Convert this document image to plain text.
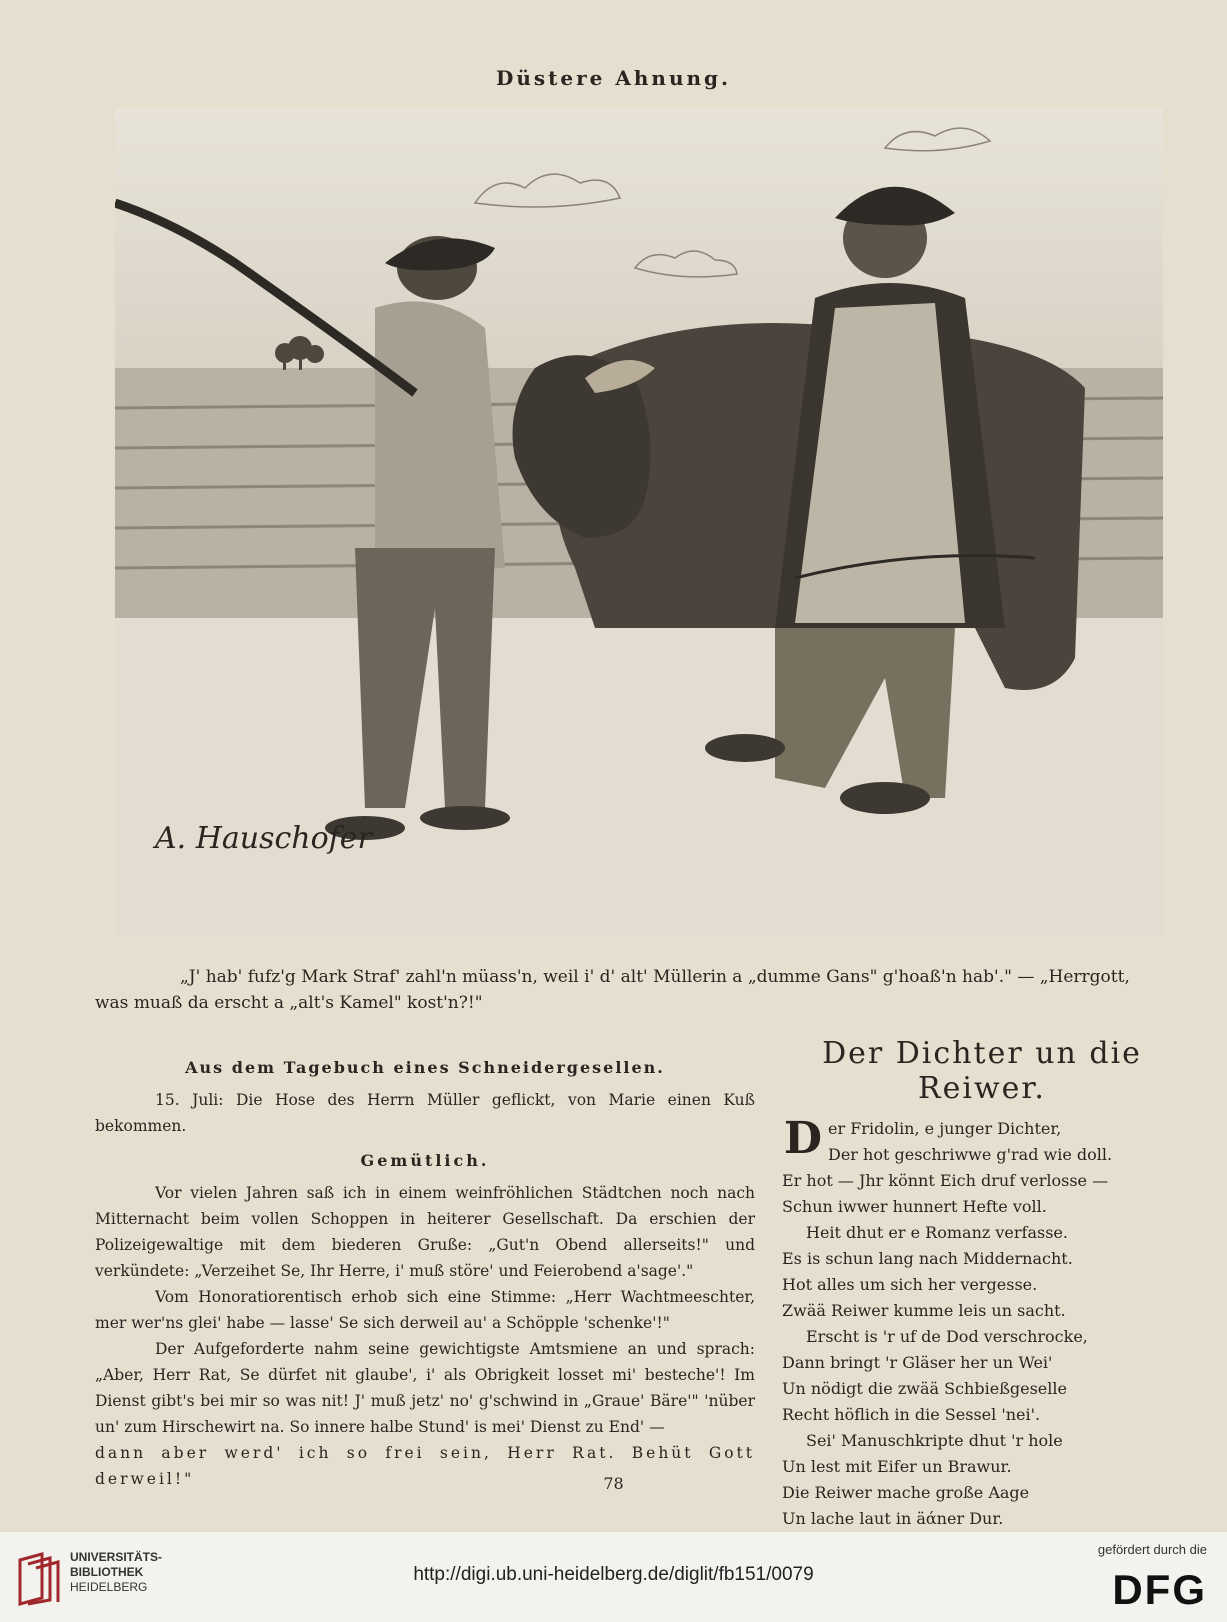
Düstere Ahnung.
A. Hauschofer
„J' hab' fufz'g Mark Straf' zahl'n müass'n, weil i' d' alt' Müllerin a „dumme Gans" g'hoaß'n hab'." — „Herrgott,
was muaß da erscht a „alt's Kamel" kost'n?!"
Aus dem Tagebuch eines Schneidergesellen.

15. Juli: Die Hose des Herrn Müller geflickt, von Marie einen Kuß bekommen.

Gemütlich.

Vor vielen Jahren saß ich in einem weinfröhlichen Städtchen noch nach Mitternacht beim vollen Schoppen in heiterer Gesellschaft. Da erschien der Polizeigewaltige mit dem biederen Gruße: „Gut'n Obend allerseits!" und verkündete: „Verzeihet Se, Ihr Herre, i' muß störe' und Feierobend a'sage'."

Vom Honoratiorentisch erhob sich eine Stimme: „Herr Wachtmeeschter, mer wer'ns glei' habe — lasse' Se sich derweil au' a Schöpple 'schenke'!"

Der Aufgeforderte nahm seine gewichtigste Amtsmiene an und sprach: „Aber, Herr Rat, Se dürfet nit glaube', i' als Obrigkeit losset mi' besteche'! Im Dienst gibt's bei mir so was nit! J' muß jetz' no' g'schwind in „Graue' Bäre'" 'nüber un' zum Hirschewirt na. So innere halbe Stund' is mei' Dienst zu End' —

dann aber werd' ich so frei sein, Herr Rat. Behüt Gott derweil!"

Der Dichter un die Reiwer.
D er Fridolin, e junger Dichter,
Der hot geschriwwe g'rad wie doll.
Er hot — Jhr könnt Eich druf verlosse —
Schun iwwer hunnert Hefte voll.
Heit dhut er e Romanz verfasse.
Es is schun lang nach Middernacht.
Hot alles um sich her vergesse.
Zwää Reiwer kumme leis un sacht.
Erscht is 'r uf de Dod verschrocke,
Dann bringt 'r Gläser her un Wei'
Un nödigt die zwää Schbießgeselle
Recht höflich in die Sessel 'nei'.
Sei' Manuschkripte dhut 'r hole
Un lest mit Eifer un Brawur.
Die Reiwer mache große Aage
Un lache laut in äάner Dur.
78
UNIVERSITÄTS-
BIBLIOTHEK
HEIDELBERG
http://digi.ub.uni-heidelberg.de/diglit/fb151/0079
gefördert durch die
DFG
